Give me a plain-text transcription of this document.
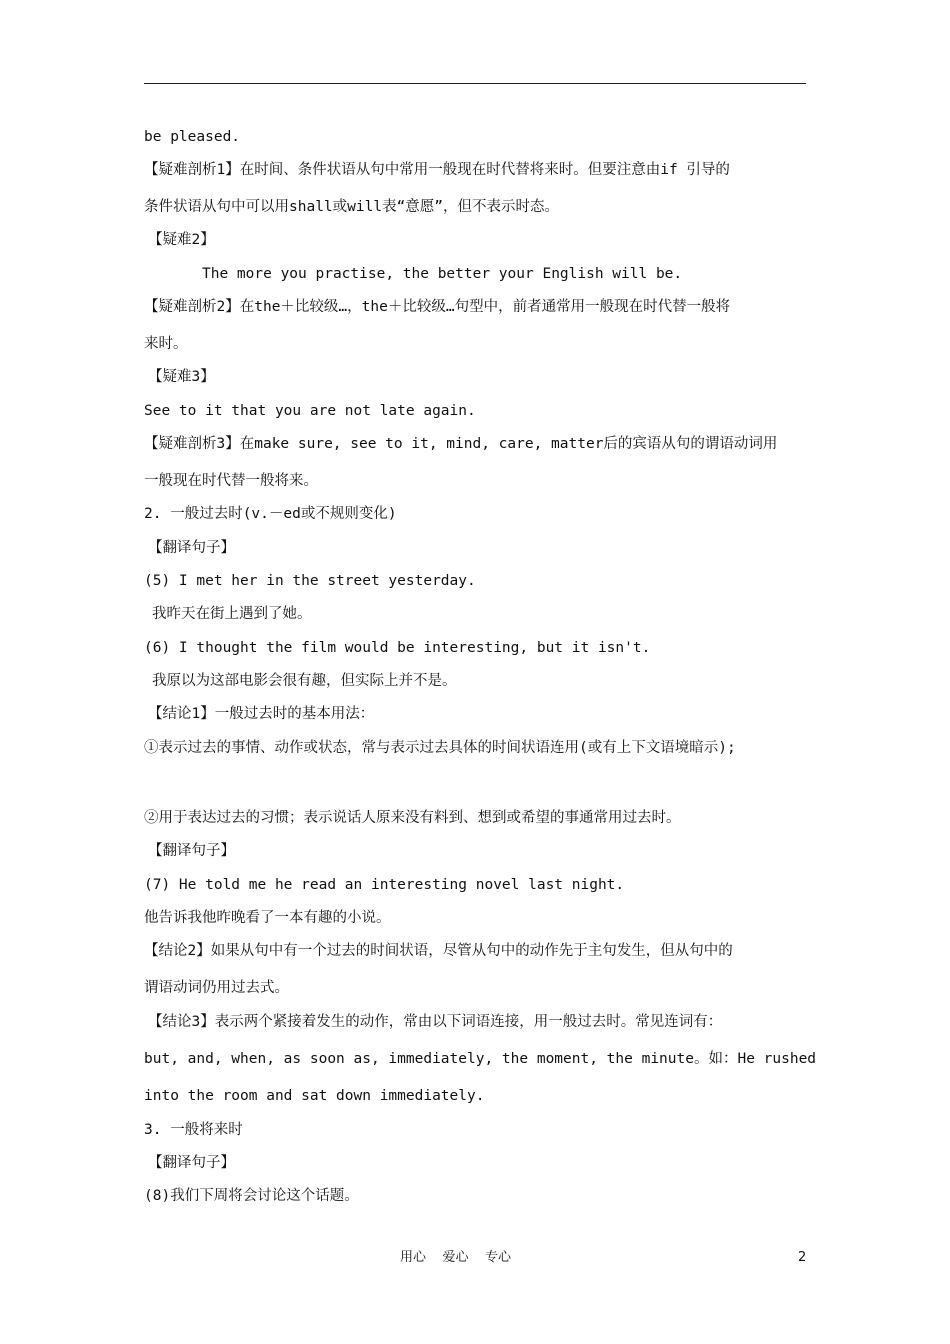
be pleased.
【疑难剖析1】在时间、条件状语从句中常用一般现在时代替将来时。但要注意由if 引导的
条件状语从句中可以用shall或will表“意愿”，但不表示时态。
【疑难2】
The more you practise, the better your English will be.
【疑难剖析2】在the＋比较级…，the＋比较级…句型中，前者通常用一般现在时代替一般将
来时。
【疑难3】
See to it that you are not late again.
【疑难剖析3】在make sure, see to it, mind, care, matter后的宾语从句的谓语动词用
一般现在时代替一般将来。
2. 一般过去时(v.－ed或不规则变化)
【翻译句子】
(5) I met her in the street yesterday.
我昨天在街上遇到了她。
(6) I thought the film would be interesting, but it isn't.
我原以为这部电影会很有趣，但实际上并不是。
【结论1】一般过去时的基本用法：
①表示过去的事情、动作或状态，常与表示过去具体的时间状语连用(或有上下文语境暗示);
②用于表达过去的习惯；表示说话人原来没有料到、想到或希望的事通常用过去时。
【翻译句子】
(7) He told me he read an interesting novel last night.
他告诉我他昨晚看了一本有趣的小说。
【结论2】如果从句中有一个过去的时间状语，尽管从句中的动作先于主句发生，但从句中的
谓语动词仍用过去式。
【结论3】表示两个紧接着发生的动作，常由以下词语连接，用一般过去时。常见连词有：
but, and, when, as soon as, immediately, the moment, the minute。如：He rushed
into the room and sat down immediately.
3. 一般将来时
【翻译句子】
(8)我们下周将会讨论这个话题。
用心    爱心    专心	2
